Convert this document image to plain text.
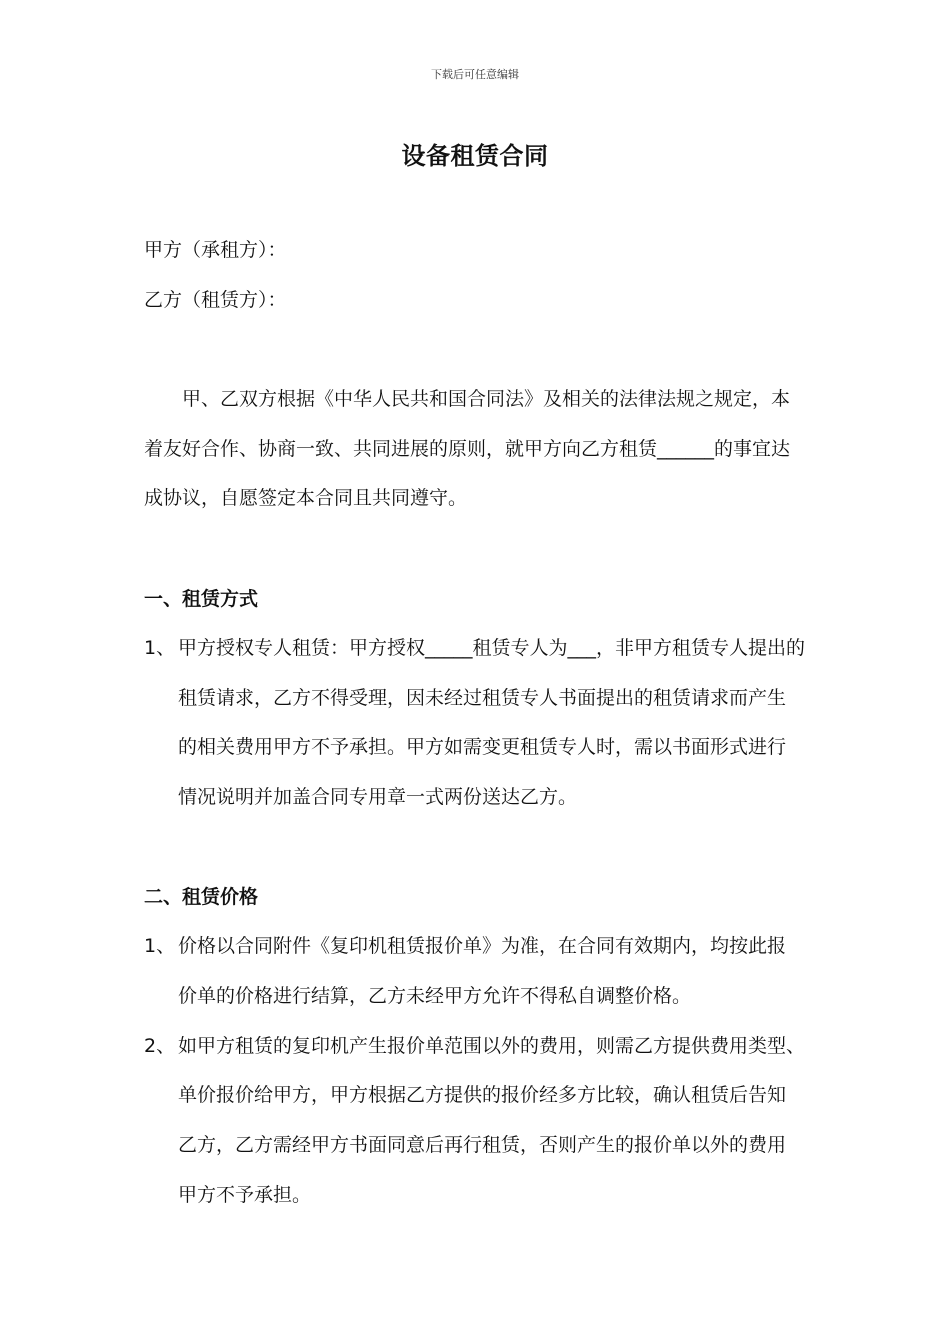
下载后可任意编辑
设备租赁合同
甲方（承租方）：
乙方（租赁方）：
甲、乙双方根据《中华人民共和国合同法》及相关的法律法规之规定，本
着友好合作、协商一致、共同进展的原则，就甲方向乙方租赁______的事宜达
成协议，自愿签定本合同且共同遵守。
一、租赁方式
1、 甲方授权专人租赁：甲方授权_____租赁专人为___，非甲方租赁专人提出的
租赁请求，乙方不得受理，因未经过租赁专人书面提出的租赁请求而产生
的相关费用甲方不予承担。甲方如需变更租赁专人时，需以书面形式进行
情况说明并加盖合同专用章一式两份送达乙方。
二、租赁价格
1、 价格以合同附件《复印机租赁报价单》为准，在合同有效期内，均按此报
价单的价格进行结算，乙方未经甲方允许不得私自调整价格。
2、 如甲方租赁的复印机产生报价单范围以外的费用，则需乙方提供费用类型、
单价报价给甲方，甲方根据乙方提供的报价经多方比较，确认租赁后告知
乙方，乙方需经甲方书面同意后再行租赁，否则产生的报价单以外的费用
甲方不予承担。
